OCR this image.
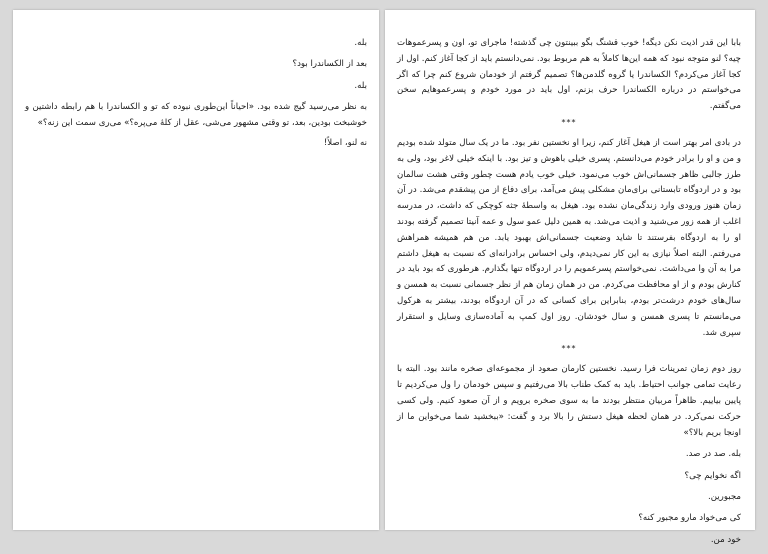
بابا این قدر اذیت نکن دیگه! خوب قشنگ بگو ببینتون چی گذشته! ماجرای تو، اون و پسرعموهات چیه؟ لنو متوجه نبود که همه این‌ها کاملاً به هم مربوط بود. نمی‌دانستم باید از کجا آغاز کنم. اول از کجا آغاز می‌کردم؟ الکساندرا یا گروه گلدمن‌ها؟ تصمیم گرفتم از خودمان شروع کنم چرا که اگر می‌خواستم در درباره الکساندرا حرف بزنم، اول باید در مورد خودم و پسرعموهایم سخن می‌گفتم.

***

در بادی امر بهتر است از هیغل آغاز کنم، زیرا او نخستین نفر بود. ما در یک سال متولد شده بودیم و من و او را برادر خودم می‌دانستم. پسری خیلی باهوش و تیز بود. با اینکه خیلی لاغر بود، ولی به طرز جالبی ظاهر جسمانی‌اش خوب می‌نمود. خیلی خوب یادم هست چطور وقتی هشت سالمان بود و در اردوگاه تابستانی برای‌مان مشکلی پیش می‌آمد، برای دفاع از من پیشقدم می‌شد. در آن زمان هنوز ورودی وارد زندگی‌مان نشده بود. هیغل به واسطهٔ جثه کوچکی که داشت، در مدرسه اغلب از همه زور می‌شنید و اذیت می‌شد. به همین دلیل عمو سول و عمه آنیتا تصمیم گرفته بودند او را به اردوگاه بفرستند تا شاید وضعیت جسمانی‌اش بهبود یابد. من هم همیشه همراهش می‌رفتم. البته اصلاً نیازی به این کار نمی‌دیدم، ولی احساس برادرانه‌ای که نسبت به هیغل داشتم مرا به آن وا می‌داشت. نمی‌خواستم پسرعمویم را در اردوگاه تنها بگذارم. هرطوری که بود باید در کنارش بودم و از او محافظت می‌کردم. من در همان زمان هم از نظر جسمانی نسبت به همسن و سال‌های خودم درشت‌تر بودم، بنابراین برای کسانی که در آن اردوگاه بودند، بیشتر به هرکول می‌مانستم تا پسری همسن و سال خودشان. روز اول کمپ به آماده‌سازی وسایل و استقرار سپری شد.

***

روز دوم زمان تمرینات فرا رسید. نخستین کارمان صعود از مجموعه‌ای صخره مانند بود. البته با رعایت تمامی جوانب احتیاط. باید به کمک طناب بالا می‌رفتیم و سپس خودمان را ول می‌کردیم تا پایین بیاییم. ظاهراً مربیان منتظر بودند ما به سوی صخره برویم و از آن صعود کنیم. ولی کسی حرکت نمی‌کرد. در همان لحظه هیغل دستش را بالا برد و گفت: «ببخشید شما می‌خواین ما از اونجا بریم بالا؟»

بله. صد در صد.

اگه نخوایم چی؟

مجبورین.

کی می‌خواد مارو مجبور کنه؟

خود من.

بله.

بعد از الکساندرا بود؟

بله.

به نظر می‌رسید گیج شده بود. «احیاناً این‌طوری نبوده که تو و الکساندرا با هم رابطه داشتین و خوشبخت بودین، بعد، تو وقتی مشهور می‌شی، عقل از کلهٔ می‌پره؟» می‌ری سمت این زنه؟»

نه لنو، اصلاً!
